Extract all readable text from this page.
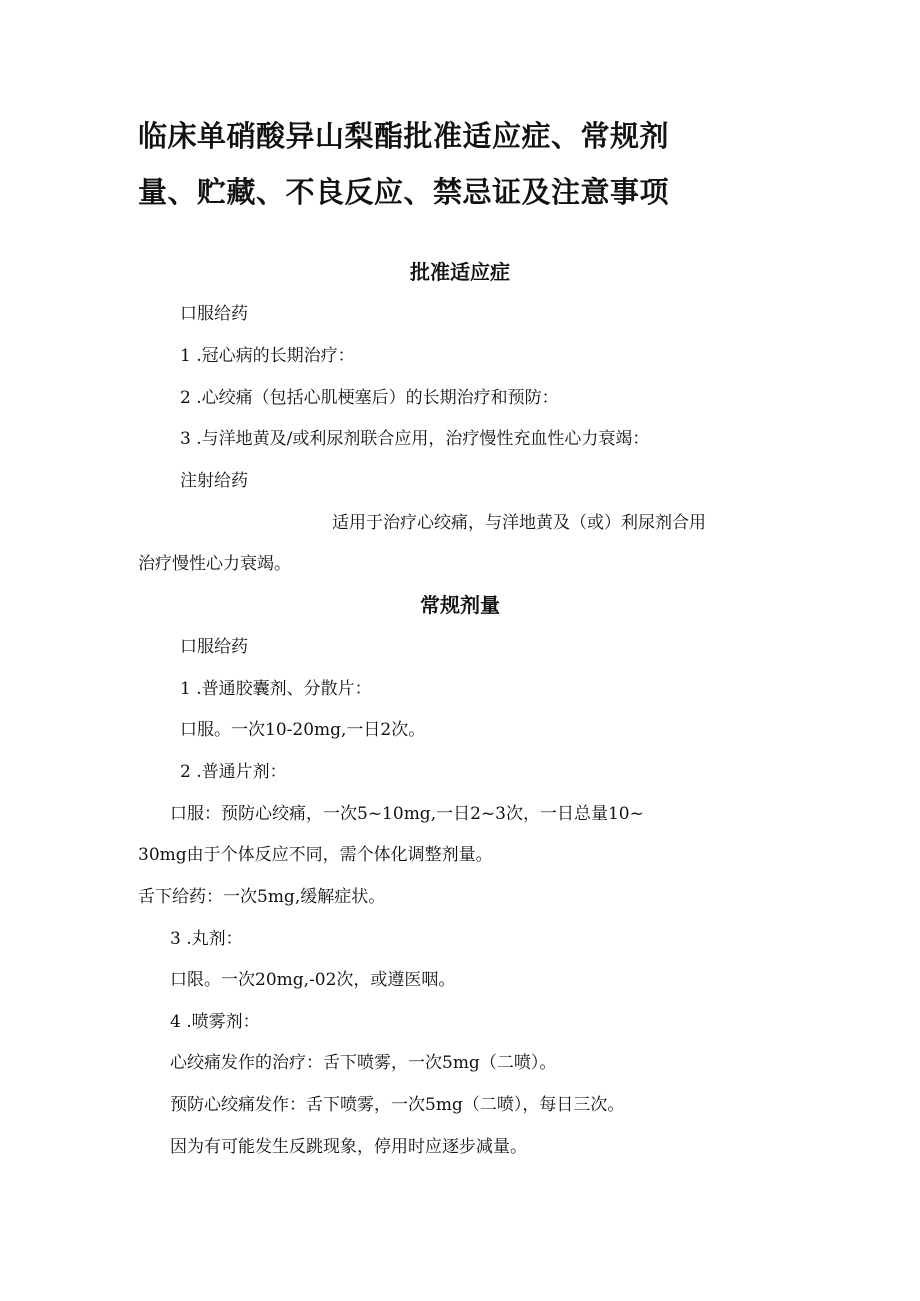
临床单硝酸异山梨酯批准适应症、常规剂
量、贮藏、不良反应、禁忌证及注意事项
批准适应症

口服给药

1 .冠心病的长期治疗：

2 .心绞痛（包括心肌梗塞后）的长期治疗和预防：

3 .与洋地黄及/或利尿剂联合应用，治疗慢性充血性心力衰竭：

注射给药

适用于治疗心绞痛，与洋地黄及（或）利尿剂合用

治疗慢性心力衰竭。

常规剂量

口服给药

1 .普通胶囊剂、分散片：

口服。一次10-20mg,一日2次。

2 .普通片剂：

口服：预防心绞痛，一次5~10mg,一日2~3次，一日总量10~

30mg由于个体反应不同，需个体化调整剂量。

舌下给药：一次5mg,缓解症状。

3 .丸剂：

口限。一次20mg,-02次，或遵医咽。

4 .喷雾剂：

心绞痛发作的治疗：舌下喷雾，一次5mg（二喷）。

预防心绞痛发作：舌下喷雾，一次5mg（二喷），每日三次。

因为有可能发生反跳现象，停用时应逐步减量。
